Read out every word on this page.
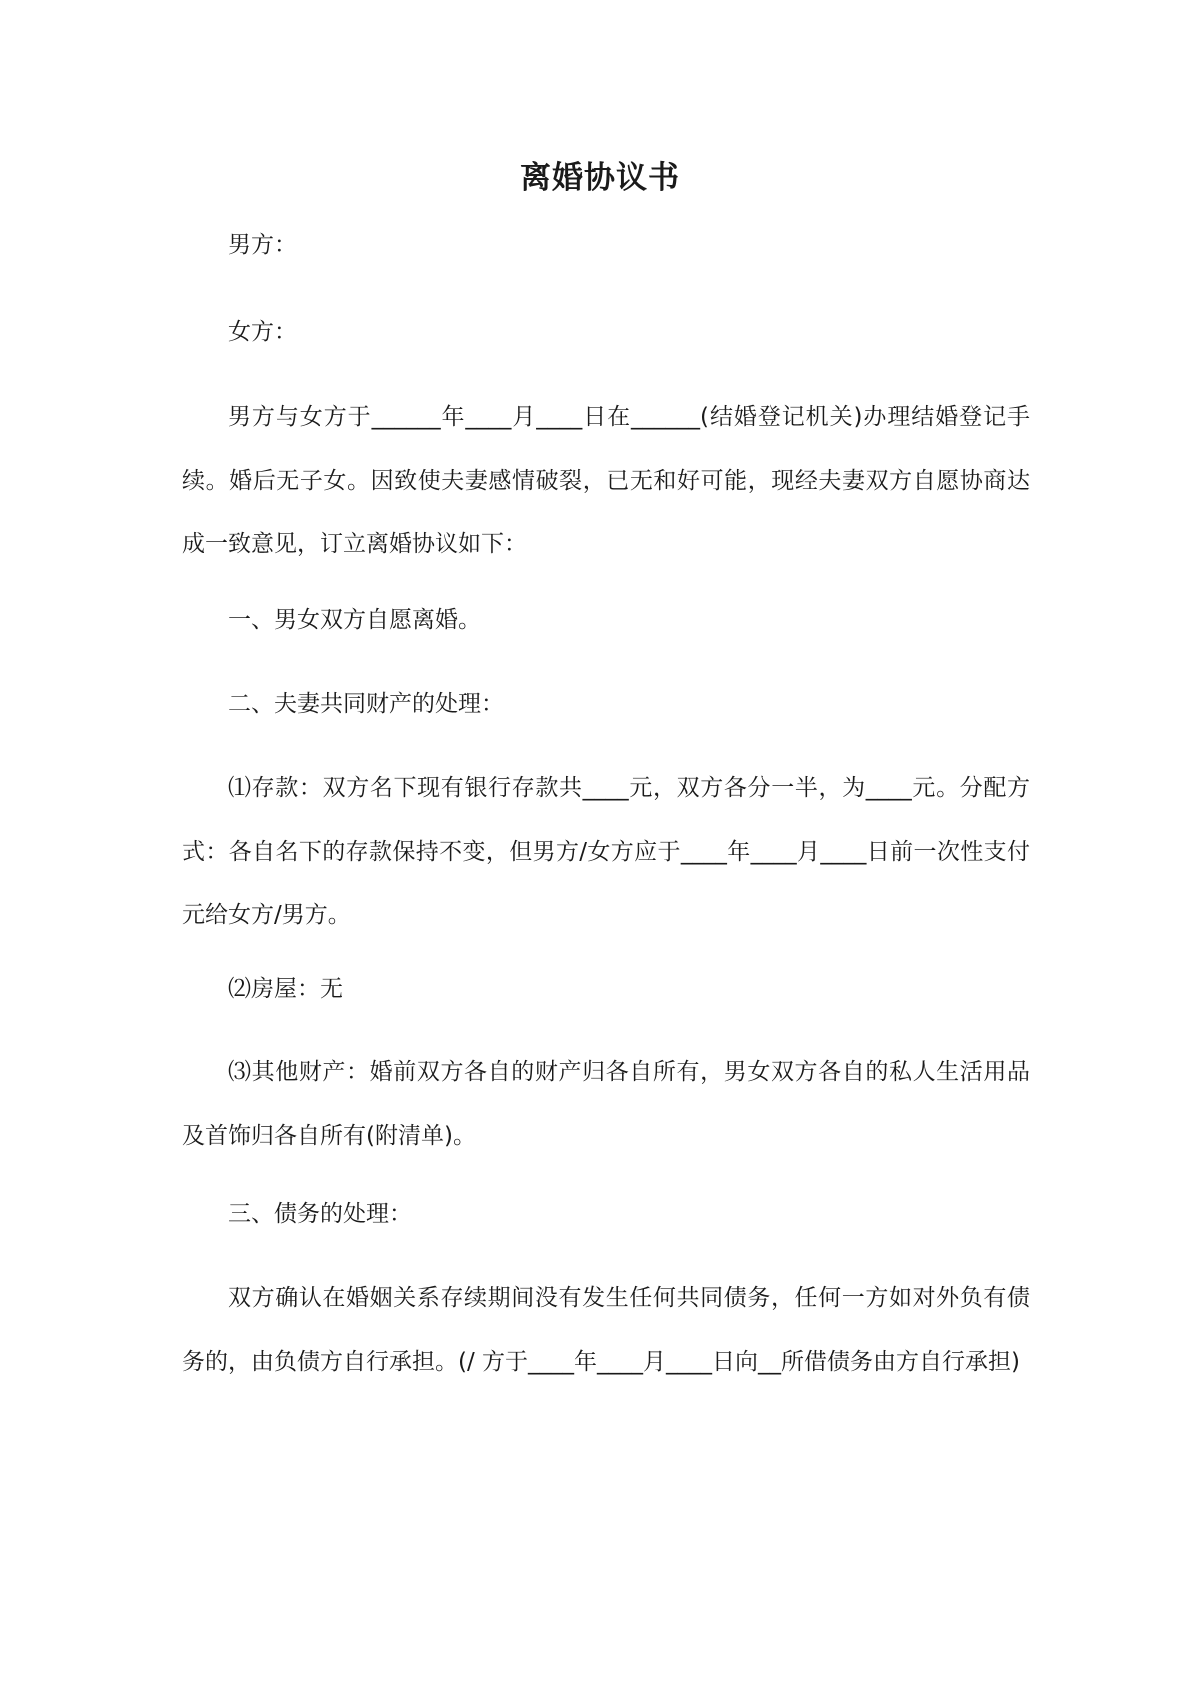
离婚协议书

男方：

女方：

男方与女方于______年____月____日在______(结婚登记机关)办理结婚登记手续。婚后无子女。因致使夫妻感情破裂，已无和好可能，现经夫妻双方自愿协商达成一致意见，订立离婚协议如下：

一、男女双方自愿离婚。

二、夫妻共同财产的处理：

⑴存款：双方名下现有银行存款共____元，双方各分一半，为____元。分配方式：各自名下的存款保持不变，但男方/女方应于____年____月____日前一次性支付元给女方/男方。

⑵房屋：无

⑶其他财产：婚前双方各自的财产归各自所有，男女双方各自的私人生活用品及首饰归各自所有(附清单)。

三、债务的处理：

双方确认在婚姻关系存续期间没有发生任何共同债务，任何一方如对外负有债务的，由负债方自行承担。(/ 方于____年____月____日向__所借债务由方自行承担)
